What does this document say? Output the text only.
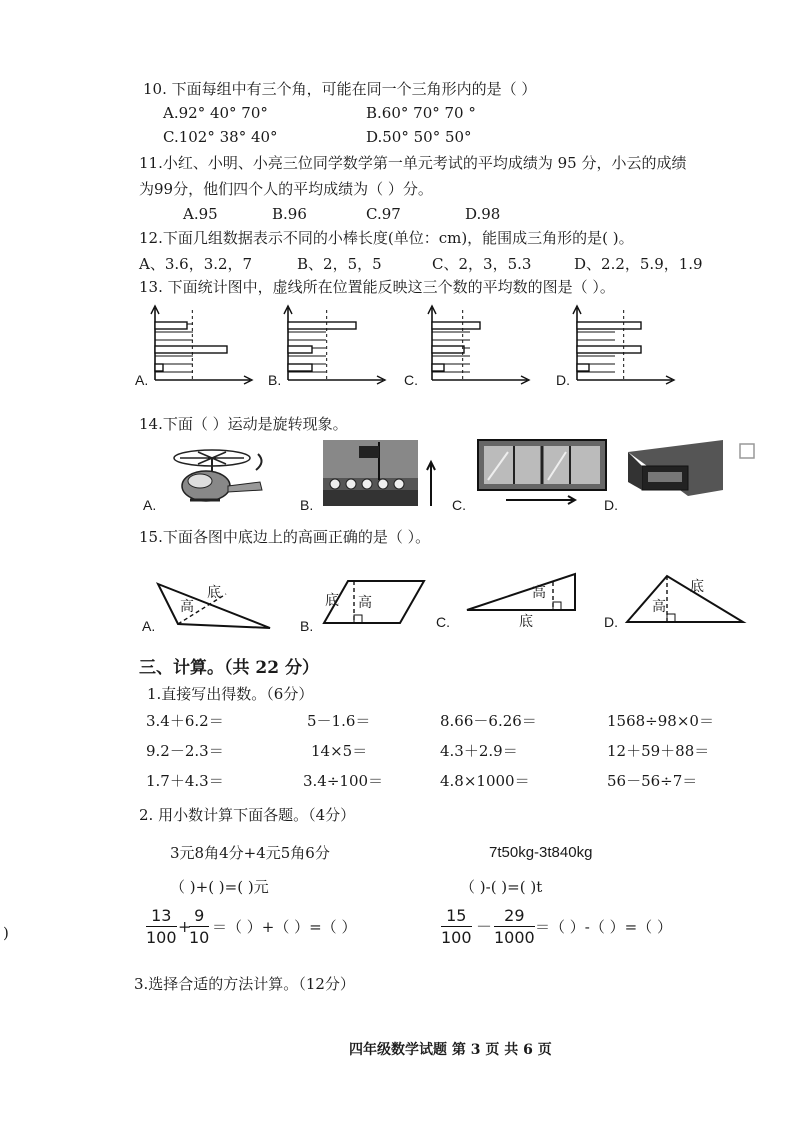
10. 下面每组中有三个角，可能在同一个三角形内的是（ ）
A.92° 40° 70°	B.60° 70° 70 °
C.102° 38° 40°	D.50° 50° 50°
11.小红、小明、小亮三位同学数学第一单元考试的平均成绩为 95 分，小云的成绩
为99分，他们四个人的平均成绩为（ ）分。
A.95	B.96	C.97	D.98
12.下面几组数据表示不同的小棒长度(单位：cm)，能围成三角形的是( )。
A、3.6，3.2，7	B、2，5，5	C、2，3，5.3	D、2.2，5.9，1.9
13. 下面统计图中，虚线所在位置能反映这三个数的平均数的图是（ ）。
A.	B.	C.	D.
14.下面（ ）运动是旋转现象。
A.	B.	C.	D.
15.下面各图中底边上的高画正确的是（ ）。
底
高
A.
底 高
B.
高
底
C.
底
高
D.
三、计算。（共 22 分）
1.直接写出得数。（6分）
3.4＋6.2＝	5－1.6＝	8.66－6.26＝	1568÷98×0＝
9.2－2.3＝	14×5＝	4.3＋2.9＝	12＋59＋88＝
1.7＋4.3＝	3.4÷100＝	4.8×1000＝	56－56÷7＝
2. 用小数计算下面各题。（4分）
3元8角4分+4元5角6分	7t50kg-3t840kg
（ )+( )=( )元	（ )-( )=( )t
13
100
+
9
10
＝（ ）+（ ）=（ ）
15
100
－
29
1000
＝（ ）-（ ）=（ ）
)
3.选择合适的方法计算。（12分）
四年级数学试题 第 3 页 共 6 页
